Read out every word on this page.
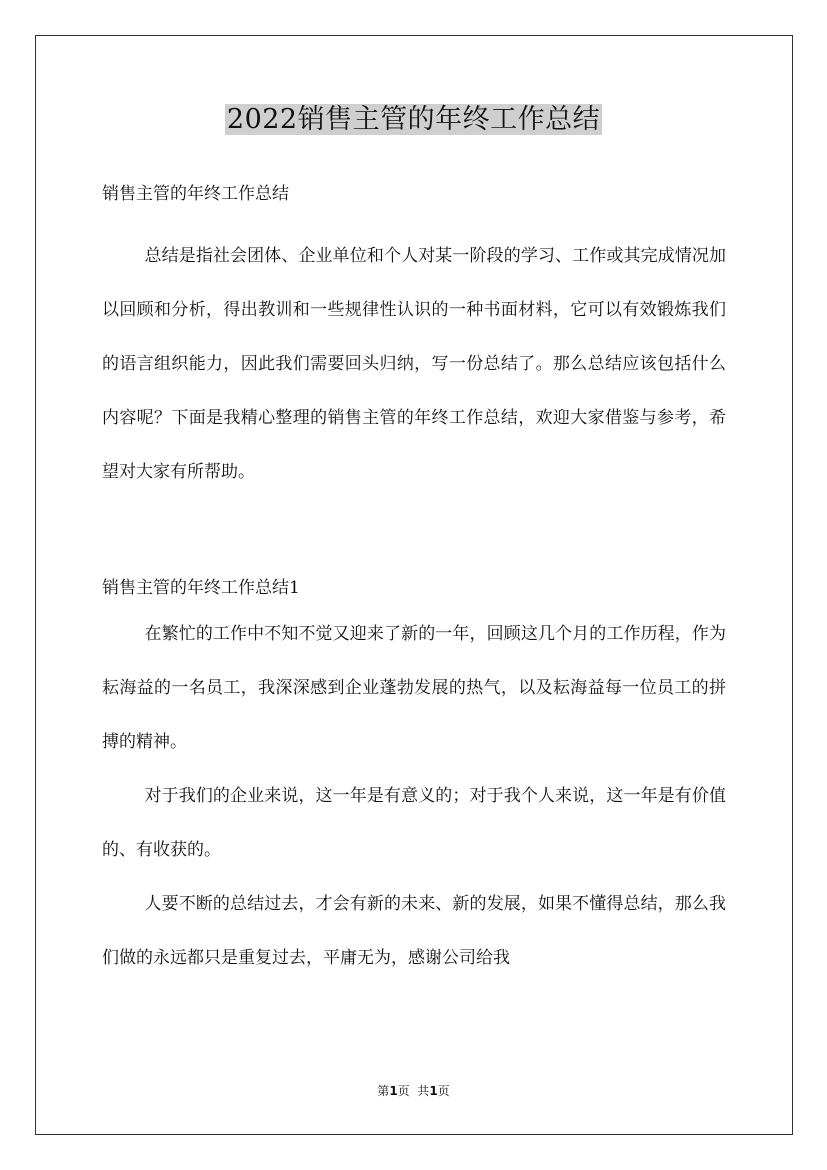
2022销售主管的年终工作总结

销售主管的年终工作总结

总结是指社会团体、企业单位和个人对某一阶段的学习、工作或其完成情况加以回顾和分析，得出教训和一些规律性认识的一种书面材料，它可以有效锻炼我们的语言组织能力，因此我们需要回头归纳，写一份总结了。那么总结应该包括什么内容呢？下面是我精心整理的销售主管的年终工作总结，欢迎大家借鉴与参考，希望对大家有所帮助。

销售主管的年终工作总结1

在繁忙的工作中不知不觉又迎来了新的一年，回顾这几个月的工作历程，作为耘海益的一名员工，我深深感到企业蓬勃发展的热气，以及耘海益每一位员工的拼搏的精神。

对于我们的企业来说，这一年是有意义的；对于我个人来说，这一年是有价值的、有收获的。

人要不断的总结过去，才会有新的未来、新的发展，如果不懂得总结，那么我们做的永远都只是重复过去，平庸无为，感谢公司给我

第1页  共1页
